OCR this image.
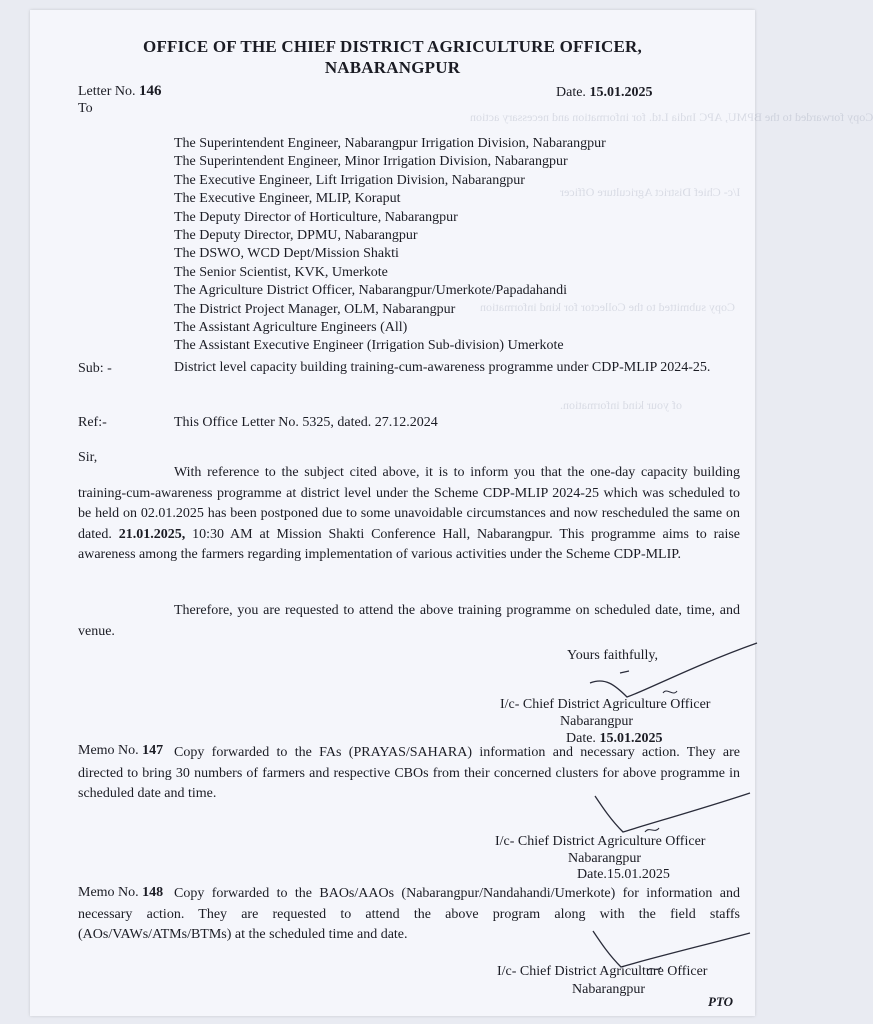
Copy forwarded to the BPMU, APC India Ltd. for information and necessary action
I/c- Chief District Agriculture Officer
Copy submitted to the Collector for kind information
of your kind information.
OFFICE OF THE CHIEF DISTRICT AGRICULTURE OFFICER,
NABARANGPUR
Letter No. 146	Date. 15.01.2025
To
The Superintendent Engineer, Nabarangpur Irrigation Division, Nabarangpur
The Superintendent Engineer, Minor Irrigation Division, Nabarangpur
The Executive Engineer, Lift Irrigation Division, Nabarangpur
The Executive Engineer, MLIP, Koraput
The Deputy Director of Horticulture, Nabarangpur
The Deputy Director, DPMU, Nabarangpur
The DSWO, WCD Dept/Mission Shakti
The Senior Scientist, KVK, Umerkote
The Agriculture District Officer, Nabarangpur/Umerkote/Papadahandi
The District Project Manager, OLM, Nabarangpur
The Assistant Agriculture Engineers (All)
The Assistant Executive Engineer (Irrigation Sub-division) Umerkote
Sub: -	District level capacity building training-cum-awareness programme under CDP-MLIP 2024-25.
Ref:-	This Office Letter No. 5325, dated. 27.12.2024
Sir,
With reference to the subject cited above, it is to inform you that the one-day capacity building training-cum-awareness programme at district level under the Scheme CDP-MLIP 2024-25 which was scheduled to be held on 02.01.2025 has been postponed due to some unavoidable circumstances and now rescheduled the same on dated. 21.01.2025, 10:30 AM at Mission Shakti Conference Hall, Nabarangpur. This programme aims to raise awareness among the farmers regarding implementation of various activities under the Scheme CDP-MLIP.
Therefore, you are requested to attend the above training programme on scheduled date, time, and venue.
Yours faithfully,
I/c- Chief District Agriculture Officer
Nabarangpur
Date. 15.01.2025
Memo No. 147 Copy forwarded to the FAs (PRAYAS/SAHARA) information and necessary action. They are directed to bring 30 numbers of farmers and respective CBOs from their concerned clusters for above programme in scheduled date and time.
I/c- Chief District Agriculture Officer
Nabarangpur
Date.15.01.2025
Memo No. 148 Copy forwarded to the BAOs/AAOs (Nabarangpur/Nandahandi/Umerkote) for information and necessary action. They are requested to attend the above program along with the field staffs (AOs/VAWs/ATMs/BTMs) at the scheduled time and date.
I/c- Chief District Agriculture Officer
Nabarangpur
PTO
